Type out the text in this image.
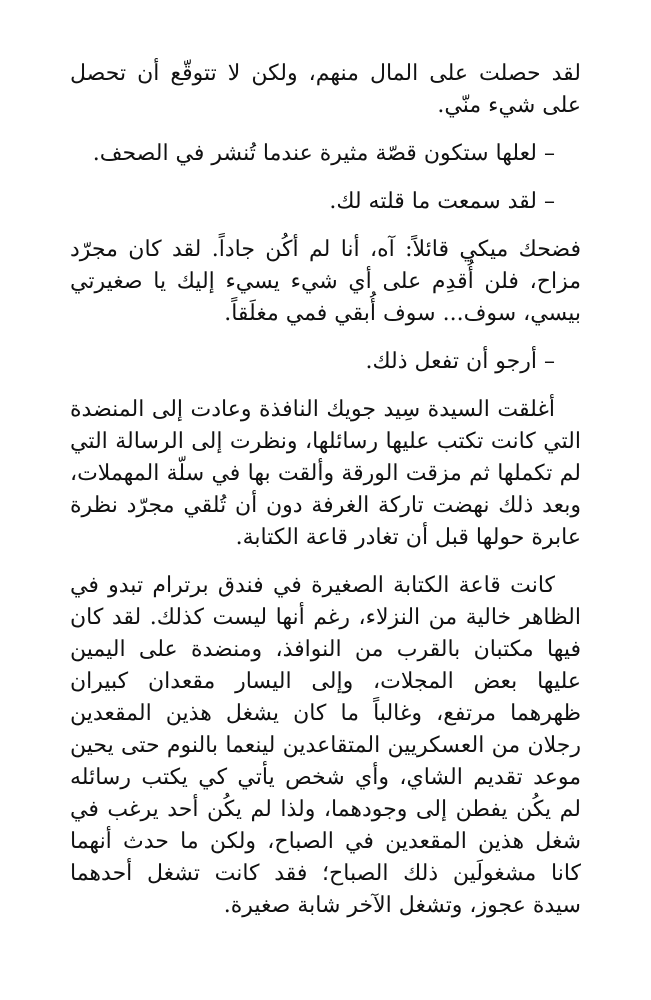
لقد حصلت على المال منهم، ولكن لا تتوقّع أن تحصل على شيء منّي.

– لعلها ستكون قصّة مثيرة عندما تُنشر في الصحف.

– لقد سمعت ما قلته لك.

فضحك ميكي قائلاً: آه، أنا لم أكُن جاداً. لقد كان مجرّد مزاح، فلن أُقدِم على أي شيء يسيء إليك يا صغيرتي بيسي، سوف... سوف أُبقي فمي مغلَقاً.

– أرجو أن تفعل ذلك.

أغلقت السيدة سِيد جويك النافذة وعادت إلى المنضدة التي كانت تكتب عليها رسائلها، ونظرت إلى الرسالة التي لم تكملها ثم مزقت الورقة وألقت بها في سلّة المهملات، وبعد ذلك نهضت تاركة الغرفة دون أن تُلقي مجرّد نظرة عابرة حولها قبل أن تغادر قاعة الكتابة.

كانت قاعة الكتابة الصغيرة في فندق برترام تبدو في الظاهر خالية من النزلاء، رغم أنها ليست كذلك. لقد كان فيها مكتبان بالقرب من النوافذ، ومنضدة على اليمين عليها بعض المجلات، وإلى اليسار مقعدان كبيران ظهرهما مرتفع، وغالباً ما كان يشغل هذين المقعدين رجلان من العسكريين المتقاعدين لينعما بالنوم حتى يحين موعد تقديم الشاي، وأي شخص يأتي كي يكتب رسائله لم يكُن يفطن إلى وجودهما، ولذا لم يكُن أحد يرغب في شغل هذين المقعدين في الصباح، ولكن ما حدث أنهما كانا مشغولَين ذلك الصباح؛ فقد كانت تشغل أحدهما سيدة عجوز، وتشغل الآخر شابة صغيرة.
